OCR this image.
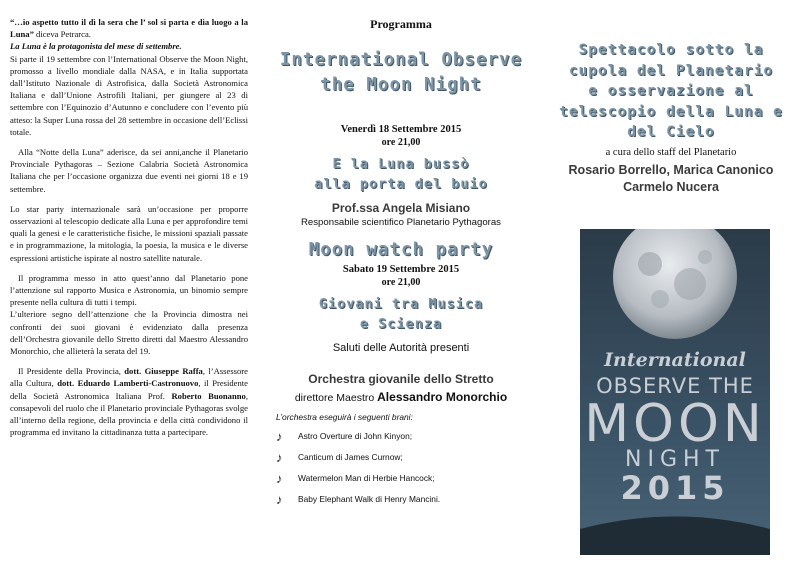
“…io aspetto tutto il dì la sera che l’ sol si parta e dia luogo a la Luna” diceva Petrarca.
La Luna è la protagonista del mese di settembre.
Si parte il 19 settembre con l’International Observe the Moon Night, promosso a livello mondiale dalla NASA, e in Italia supportata dall’Istituto Nazionale di Astrofisica, dalla Società Astronomica Italiana e dall’Unione Astrofili Italiani, per giungere al 23 di settembre con l’Equinozio d’Autunno e concludere con l’evento più atteso: la Super Luna rossa del 28 settembre in occasione dell’Eclissi totale.

Alla “Notte della Luna” aderisce, da sei anni,anche il Planetario Provinciale Pythagoras – Sezione Calabria Società Astronomica Italiana che per l’occasione organizza due eventi nei giorni 18 e 19 settembre.

Lo star party internazionale sarà un’occasione per proporre osservazioni al telescopio dedicate alla Luna e per approfondire temi quali la genesi e le caratteristiche fisiche, le missioni spaziali passate e in programmazione, la mitologia, la poesia, la musica e le diverse espressioni artistiche ispirate al nostro satellite naturale.

Il programma messo in atto quest’anno dal Planetario pone l’attenzione sul rapporto Musica e Astronomia, un binomio sempre presente nella cultura di tutti i tempi.
L’ulteriore segno dell’attenzione che la Provincia dimostra nei confronti dei suoi giovani è evidenziato dalla presenza dell’Orchestra giovanile dello Stretto diretti dal Maestro Alessandro Monorchio, che allieterà la serata del 19.

Il Presidente della Provincia, dott. Giuseppe Raffa, l’Assessore alla Cultura, dott. Eduardo Lamberti-Castronuovo, il Presidente della Società Astronomica Italiana Prof. Roberto Buonanno, consapevoli del ruolo che il Planetario provinciale Pythagoras svolge all’interno della regione, della provincia e della città condividono il programma ed invitano la cittadinanza tutta a partecipare.

Programma
International Observe
the Moon Night
Venerdì 18 Settembre 2015
ore 21,00
E la Luna bussò
alla porta del buio
Prof.ssa Angela Misiano
Responsabile scientifico Planetario Pythagoras
Moon watch party
Sabato 19 Settembre 2015
ore 21,00
Giovani tra Musica
e Scienza
Saluti delle Autorità presenti
Orchestra giovanile dello Stretto
direttore Maestro Alessandro Monorchio
L’orchestra eseguirà i seguenti brani:
♪	Astro Overture di John Kinyon;
♪	Canticum di James Curnow;
♪	Watermelon Man di Herbie Hancock;
♪	Baby Elephant Walk di Henry Mancini.
Spettacolo sotto la
cupola del Planetario
e osservazione al
telescopio della Luna e
del Cielo
a cura dello staff del Planetario
Rosario Borrello, Marica Canonico
Carmelo Nucera
International
OBSERVE THE
MOON
NIGHT
2015
